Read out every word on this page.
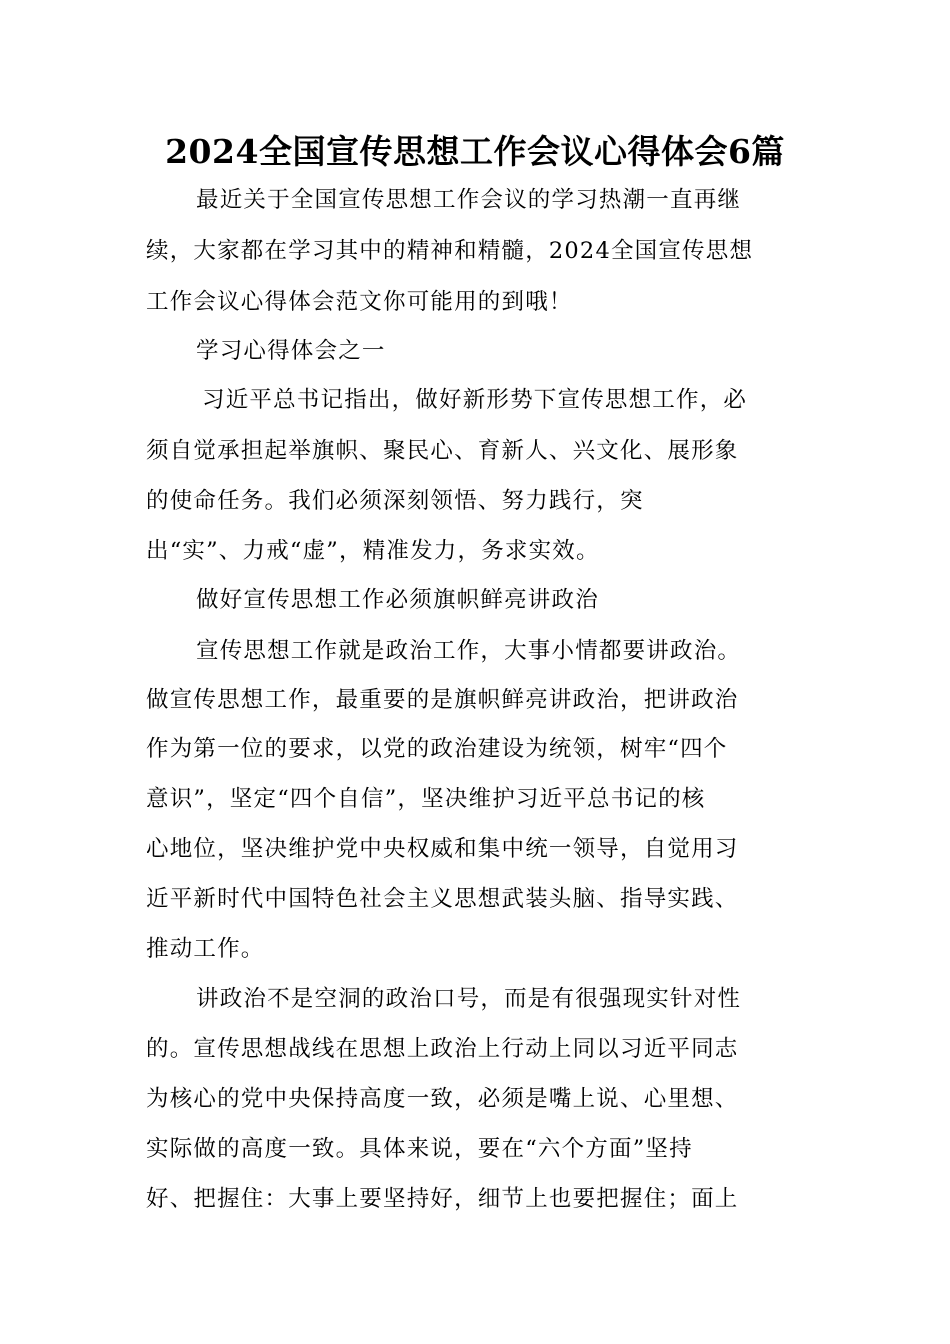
2024全国宣传思想工作会议心得体会6篇
最近关于全国宣传思想工作会议的学习热潮一直再继
续，大家都在学习其中的精神和精髓，2024全国宣传思想
工作会议心得体会范文你可能用的到哦！
学习心得体会之一
习近平总书记指出，做好新形势下宣传思想工作，必
须自觉承担起举旗帜、聚民心、育新人、兴文化、展形象
的使命任务。我们必须深刻领悟、努力践行，突
出“实”、力戒“虚”，精准发力，务求实效。
做好宣传思想工作必须旗帜鲜亮讲政治
宣传思想工作就是政治工作，大事小情都要讲政治。
做宣传思想工作，最重要的是旗帜鲜亮讲政治，把讲政治
作为第一位的要求，以党的政治建设为统领，树牢“四个
意识”，坚定“四个自信”，坚决维护习近平总书记的核
心地位，坚决维护党中央权威和集中统一领导，自觉用习
近平新时代中国特色社会主义思想武装头脑、指导实践、
推动工作。
讲政治不是空洞的政治口号，而是有很强现实针对性
的。宣传思想战线在思想上政治上行动上同以习近平同志
为核心的党中央保持高度一致，必须是嘴上说、心里想、
实际做的高度一致。具体来说，要在“六个方面”坚持
好、把握住：大事上要坚持好，细节上也要把握住；面上
